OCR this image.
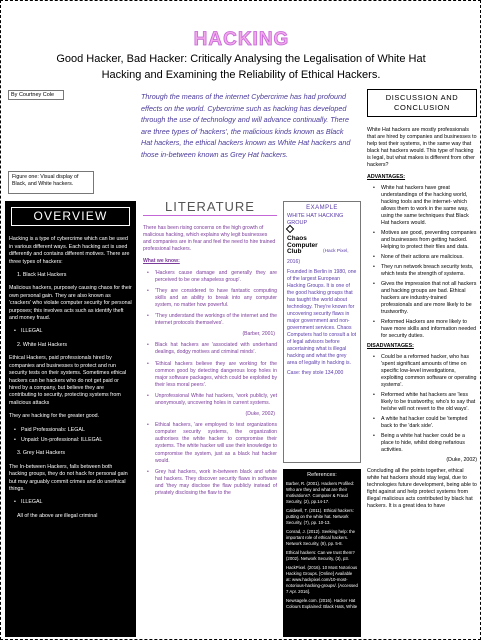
HACKING
Good Hacker, Bad Hacker: Critically Analysing the Legalisation of White Hat Hacking and Examining the Reliability of Ethical Hackers.
By Courtney Cole	Through the means of the internet Cybercrime has had profound effects on the world. Cybercrime such as hacking has developed through the use of technology and will advance continually. There are three types of 'hackers', the malicious kinds known as Black Hat hackers, the ethical hackers known as White Hat hackers and those in-between known as Grey Hat hackers.
Figure one: Visual display of Black, and White hackers.
OVERVIEW

Hacking is a type of cybercrime which can be used in various different ways. Each hacking act is used differently and contains different motives. There are three types of hackers:

1. Black Hat Hackers

Malicious hackers, purposely causing chaos for their own personal gain. They are also known as 'crackers' who violate computer security for personal purposes; this involves acts such as identify theft and money fraud.

• ILLEGAL

2. White Hat Hackers

Ethical Hackers, paid professionals hired by companies and businesses to protect and run security tests on their systems. Sometimes ethical hackers can be hackers who do not get paid or hired by a company, but believe they are contributing to security, protecting systems from malicious attacks

They are hacking for the greater good.

• Paid Professionals: LEGAL
• Unpaid: Un-professional: ILLEGAL

3. Grey Hat Hackers

The In-between Hackers, falls between both hacking groups, they do not hack for personal gain but may arguably commit crimes and do unethical things.

• ILLEGAL

All of the above are illegal criminal

LITERATURE

There has been rising concerns on the high growth of malicious hacking, which explains why legit businesses and companies are in fear and feel the need to hire trained professional hackers.

What we know:

• 'Hackers cause damage and generally they are perceived to be one shapeless group'.
• 'They are considered to have fantastic computing skills and an ability to break into any computer system, no matter how powerful.
• 'They understand the workings of the internet and the internet protocols themselves'.

(Barber, 2001)

• Black hat hackers are 'associated with underhand dealings, dodgy motives and criminal minds'.
• 'Ethical hackers believe they are working for the common good by detecting dangerous loop holes in major software packages, which could be exploited by their less moral peers'.
• Unprofessional White hat hackers, 'work publicly, yet anonymously, uncovering holes in current systems.

(Duke, 2002)

• Ethical hackers, 'are employed to test organizations computer security systems, the organization authorises the white hacker to compromise their systems. The white hacker will use their knowledge to compromise the system, just as a black hat hacker would.
• Grey hat hackers, work in-between black and white hat hackers. They discover security flaws in software and 'they may disclose the flaw publicly instead of privately disclosing the flaw to the
EXAMPLE
WHITE HAT HACKING GROUP

Chaos
Computer
Club	(Hack Pixel,

2016)

Founded in Berlin in 1980, one of the largest European Hacking Groups. It is one of the good hacking groups that has taught the world about technology. They're known for uncovering security flaws in major government and non-government services. Chaos Computers had to consult a lot of legal advisors before ascertaining what is illegal hacking and what the grey area of legality in hacking is.

Case: they stole 134,000

References:

Barber, R. (2001). Hackers Profiled: Who are they and what are their motivations?. Computer & Fraud Security, (2), pp.14-17.

Caldwell, T. (2011). Ethical hackers: putting on the white hat. Network Security, (7), pp. 10-13.

Conrad, J. (2012). Seeking help: the important role of ethical hackers. Network Security, (8), pp. 5-8.

Ethical hackers: Can we trust them? (2002). Network Security, (3), p3.

HackPixel. (2016). 10 Most Notorious Hacking Groups. [Online] Available at: www.hackpixel.com/10-most-notorious-hacking-groups/. [Accessed 7 Apr. 2016].

Newsagele.com. (2016). Hacker Hat Colours Explained: Black Hats, White

DISCUSSION AND CONCLUSION

White Hat hackers are mostly professionals that are hired by companies and businesses to help test their systems, in the same way that black hat hackers would. This type of hacking is legal, but what makes is different from other hackers?

ADVANTAGES:

• White hat hackers have great understandings of the hacking world, hacking tools and the internet- which allows them to work in the same way, using the same techniques that Black Hat hackers would.
• Motives are good, preventing companies and businesses from getting hacked. Helping to protect their files and data.
• None of their actions are malicious.
• They run network breach security tests, which tests the strength of systems.
• Gives the impression that not all hackers and hacking groups are bad. Ethical hackers are industry-trained professionals and are more likely to be trustworthy.
• Reformed Hackers are more likely to have more skills and information needed for security duties.

DISADVANTAGES:

• Could be a reformed hacker, who has 'spent significant amounts of time on specific low-level investigations, exploiting common software or operating systems'.
• Reformed white hat hackers are 'less likely to be trustworthy, who's to say that he/she will not revert to the old ways'.
• A white hat hacker could be 'tempted back to the 'dark side'.
• Being a white hat hacker could be a place to hide, whilst doing nefarious activities.

(Duke, 2002)

Concluding all the points together, ethical white hat hackers should stay legal, due to technologies future development, being able to fight against and help protect systems from illegal malicious acts contributed by black hat hackers. It is a great idea to have
